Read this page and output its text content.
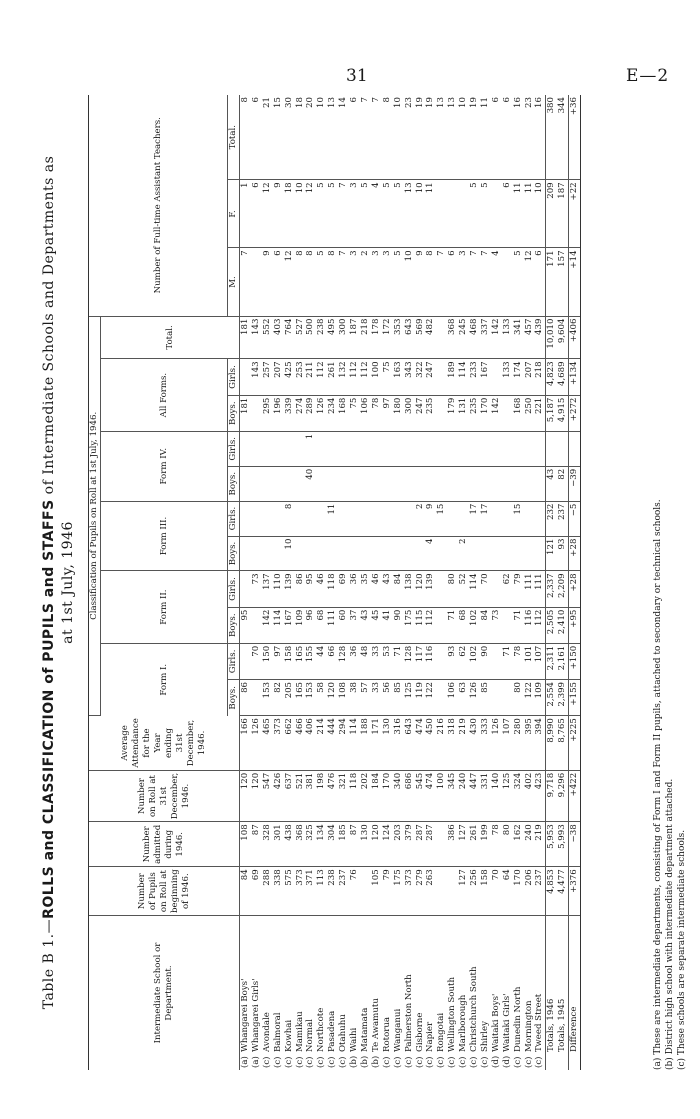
31	E—2
Table B 1.—ROLLS and CLASSIFICATION of PUPILS and STAFFS of Intermediate Schools and Departments as
at 1st July, 1946
Intermediate School or Department.	Number of Pupils on Roll at beginning of 1946.	Number admitted during 1946.	Number on Roll at 31st December, 1946.	Average Attendance for the Year ending 31st December, 1946.	Classification of Pupils on Roll at 1st July, 1946.											Number of Full-time Assistant Teachers.		
					Form I.		Form II.		Form III.		Form IV.		All Forms.		Total.			
					Boys.	Girls.	Boys.	Girls.	Boys.	Girls.	Boys.	Girls.	Boys.	Girls.		M.	F.	Total.
(a)Whangarei Boys'	84	108	120	166	86		95						181		181	7	1	8
(a)Whangarei Girls'	69	87	120	126		70		73						143	143		6	6
(c)Avondale	288	328	547	465	153	150	142	137					295	257	552	9	12	21
(c)Balmoral	338	301	426	373	82	97	114	110					196	207	403	6	9	15
(c)Kowhai	575	438	637	662	205	158	167	139	10	8			339	425	764	12	18	30
(c)Mamikau	373	368	521	466	165	165	109	86					274	253	527	8	10	18
(c)Normal	371	325	381	406	153	155	96	95			40	1	289	211	500	8	12	20
(c)Northcote	113	134	198	214	58	44	68	46					126	112	238	5	5	10
(c)Pasadena	238	304	476	444	120	66	111	118		11			234	261	495	8	5	13
(c)Otahuhu	237	185	321	294	108	128	60	69					168	132	300	7	7	14
(b)Waihi	76	87	118	114	38	36	37	36					75	112	187	3	3	6
(b)Matamata		130	202	188	57	48	43	35					106	112	218	2	5	7
(b)Te Awamutu	105	120	184	171	33	33	45	46					78	100	178	3	4	7
(c)Rotorua	79	124	170	130	56	53	41	43					97	75	172	3	5	8
(c)Wanganui	175	203	340	316	85	71	90	84					180	163	353	5	5	10
(c)Palmerston North	373	379	686	643	125	128	175	138					300	343	643	10	13	23
(c)Gisborne	279	287	545	474	119	117	115	120		2			247	322	569	9	10	19
(c)Napier	263	287	474	450	122	116	112	139	4	9			235	247	482	8	11	19
(c)Rongotai			100	216						15						7		13
(c)Wellington South		386	345	318	106	93	71	80					179	189	368	6		13
(c)Marlborough	127	127	240	219	63	62	68	52	2				131	114	245	3		10
(c)Christchurch South	256	261	447	430	126	102	102	114		17			235	233	468	7	5	19
(c)Shirley	158	199	331	333	85	90	84	70		17			170	167	337	7	5	11
(d)Waitaki Boys'	70	78	140	126			73						142		142	4		6
(d)Waitaki Girls'	64	80	125	107		71		62						133	133		6	6
(c)Dunedin North	170	162	324	280	80	78	71	79		15			168	174	341	5	11	16
(c)Mornington	206	240	402	395	122	101	116	111					250	207	457	12	11	23
(c)Tweed Street	237	219	423	394	109	107	112	111					221	218	439	6	10	16
Totals, 1946	4,853	5,953	9,718	8,990	2,554	2,311	2,505	2,337	121	232	43		5,187	4,823	10,010	171	209	380
Totals, 1945	4,477	5,993	9,296	8,765	2,399	2,161	2,410	2,209	93	237	82		4,915	4,689	9,604	157	187	344
Difference	+376	−38	+422	+225	+155	+150	+95	+28	+28	−5	−39		+272	+134	+406	+14	+22	+36
(a) These are intermediate departments, consisting of Form I and Form II pupils, attached to secondary or technical schools. (b) District high school with intermediate department attached. (c) These schools are separate intermediate schools.
